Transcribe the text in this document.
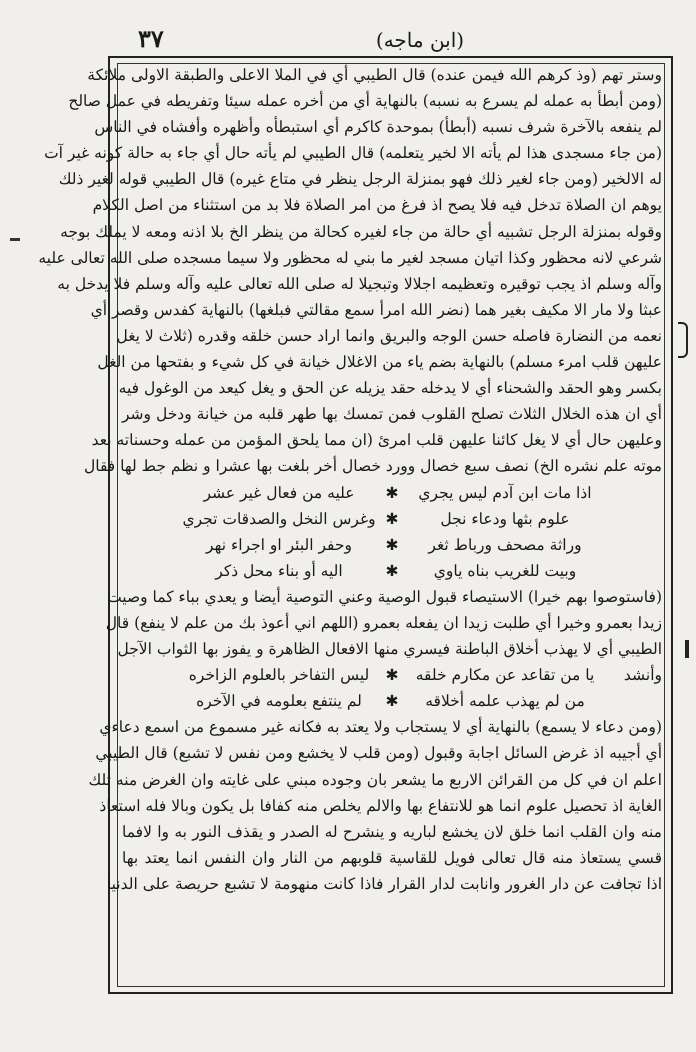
(ابن ماجه)
٣٧
وستر تهم (وذ كرهم الله فيمن عنده) قال الطيبي أي في الملا الاعلى والطبقة الاولى ملائكة
(ومن أبطأ به عمله لم يسرع به نسبه) بالنهاية أي من أخره عمله سيئا وتفريطه في عمل صالح
لم ينفعه بالآخرة شرف نسبه (أبطأ) بموحدة كاكرم أي استبطأه وأظهره وأفشاه في الناس
(من جاء مسجدى هذا لم يأته الا لخير يتعلمه) قال الطيبي لم يأته حال أي جاء به حالة كونه غير آت
له الالخير (ومن جاء لغير ذلك فهو بمنزلة الرجل ينظر في متاع غيره) قال الطيبي قوله لغير ذلك
يوهم ان الصلاة تدخل فيه فلا يصح اذ فرغ من امر الصلاة فلا بد من استثناء من اصل الكلام
وقوله بمنزلة الرجل تشبيه أي حالة من جاء لغيره كحالة من ينظر الخ بلا اذنه ومعه لا يملك بوجه
شرعي لانه محظور وكذا اتيان مسجد لغير ما بني له محظور ولا سيما مسجده صلى الله تعالى عليه
وآله وسلم اذ يجب توقيره وتعظيمه اجلالا وتبجيلا له صلى الله تعالى عليه وآله وسلم فلا يدخل به
عبثا ولا مار الا مكيف بغير هما (نضر الله امرأ سمع مقالتي فبلغها) بالنهاية كفدس وقصر أي
نعمه من النضارة فاصله حسن الوجه والبريق وانما اراد حسن خلقه وقدره (ثلاث لا يغل
عليهن قلب امرء مسلم) بالنهاية بضم ياء من الاغلال خيانة في كل شيء و بفتحها من الغل
بكسر وهو الحقد والشحناء أي لا يدخله حقد يزيله عن الحق و يغل كيعد من الوغول فيه
أي ان هذه الخلال الثلاث تصلح القلوب فمن تمسك بها طهر قلبه من خيانة ودخل وشر
وعليهن حال أي لا يغل كائنا عليهن قلب امرئ (ان مما يلحق المؤمن من عمله وحسناته بعد
موته علم نشره الخ) نصف سبع خصال وورد خصال أخر بلغت بها عشرا و نظم جط لها فقال
اذا مات ابن آدم ليس يجري✱عليه من فعال غير عشر
علوم بثها ودعاء نجل✱وغرس النخل والصدقات تجري
وراثة مصحف ورباط ثغر✱وحفر البئر او اجراء نهر
وبيت للغريب بناه ياوي✱اليه أو بناء محل ذكر
(فاستوصوا بهم خيرا) الاستيصاء قبول الوصية وعني التوصية أيضا و يعدي بباء كما وصيت
زيدا بعمرو وخيرا أي طلبت زيدا ان يفعله بعمرو (اللهم اني أعوذ بك من علم لا ينفع) قال
الطيبي أي لا يهذب أخلاق الباطنة فيسري منها الافعال الظاهرة و يفوز بها الثواب الآجل
وأنشد
يا من تقاعد عن مكارم خلقه✱ليس التفاخر بالعلوم الزاخره
من لم يهذب علمه أخلاقه✱لم ينتفع بعلومه في الآخره
(ومن دعاء لا يسمع) بالنهاية أي لا يستجاب ولا يعتد به فكانه غير مسموع من اسمع دعاءي
أي أجيبه اذ غرض السائل اجابة وقبول (ومن قلب لا يخشع ومن نفس لا تشبع) قال الطيبي
اعلم ان في كل من القرائن الاربع ما يشعر بان وجوده مبني على غايته وان الغرض منه تلك
الغاية اذ تحصيل علوم انما هو للانتفاع بها والالم يخلص منه كفافا بل يكون وبالا فله استعاذ
منه وان القلب انما خلق لان يخشع لباريه و ينشرح له الصدر و يقذف النور به وا لافما
قسي يستعاذ منه قال تعالى فويل للقاسية قلوبهم من النار وان النفس انما يعتد بها
اذا تجافت عن دار الغرور وانابت لدار القرار فاذا كانت منهومة لا تشبع حريصة على الدنيا
